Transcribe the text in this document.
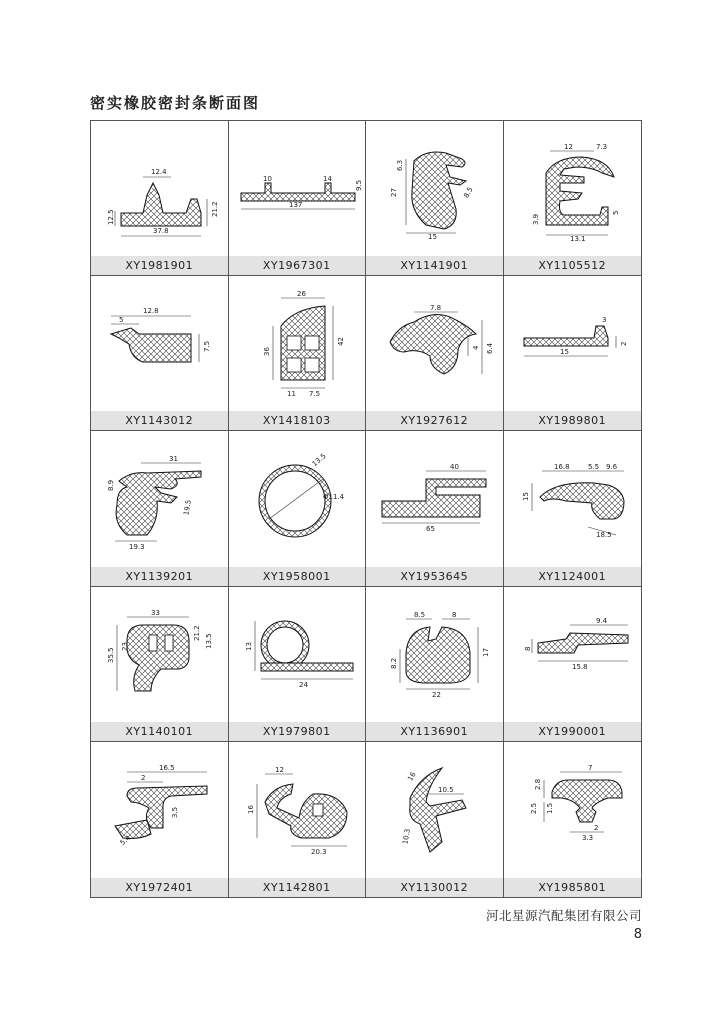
密实橡胶密封条断面图
12.4
12.5
21.2
37.8
XY1981901
10	14
9.5
137
XY1967301
6.3
27	8.5
15
XY1141901
12	7.3
5
3.9
13.1
XY1105512
12.8
5
7.5
XY1143012
26
36
42
11 7.5
XY1418103
7.8
4 6.4
XY1927612
3
2
15
XY1989801
31
8.9
19.5
19.3
XY1139201
13.5
Φ11.4
XY1958001
40
65
XY1953645
16.8	5.5 9.6
15
18.5
XY1124001
33
35.5
23
21.2
13.5
XY1140101
13
24
XY1979801
8.5	8
8.2
17
22
XY1136901
9.4
8
15.8
XY1990001
16.5
2
3.5
5.4
XY1972401
12
16
20.3
XY1142801
16
10.5
10.3
XY1130012
7
2.8
2.5 1.5
2
3.3
XY1985801
河北星源汽配集团有限公司
8
